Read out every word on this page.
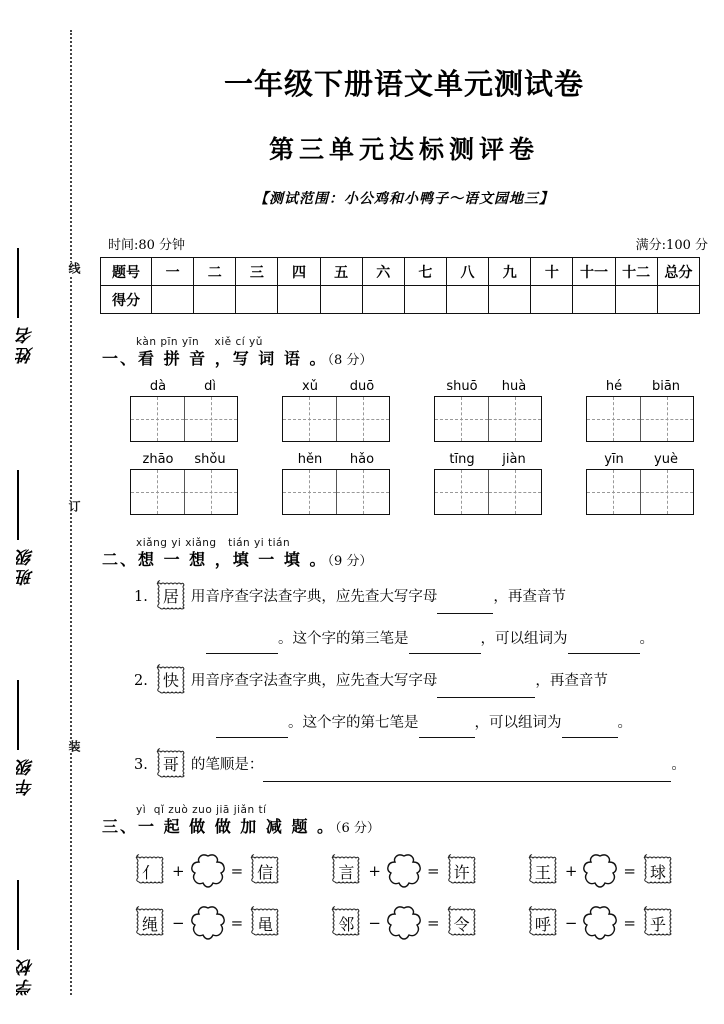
线
订
装
姓名
班级
年级
学校
一年级下册语文单元测试卷
第三单元达标测评卷
【测试范围：小公鸡和小鸭子～语文园地三】
时间:80 分钟	满分:100 分
题号	一	二	三	四	五	六	七	八	九	十	十一	十二	总分
得分													
kàn pīn yīn    xiě cí yǔ
一、看 拼 音 ，写 词 语 。（8 分）
dà	dì	xǔ	duō	shuō	huà	hé	biān
zhāo	shǒu	hěn	hǎo	tīng	jiàn	yīn	yuè
xiǎng yi xiǎng   tián yi tián
二、想 一 想 ，填 一 填 。（9 分）
1. 居 用音序查字法查字典，应先查大写字母	，再查音节
。这个字的第三笔是	，可以组词为	。
2. 快 用音序查字法查字典，应先查大写字母	，再查音节
。这个字的第七笔是	，可以组词为	。
3. 哥 的笔顺是：	。
yì  qǐ zuò zuo jiā jiǎn tí
三、一 起 做 做 加 减 题 。（6 分）
亻 +	= 信	言 +	= 许	王 +	= 球
绳 −	= 黾	邻 −	= 令	呼 −	= 乎
